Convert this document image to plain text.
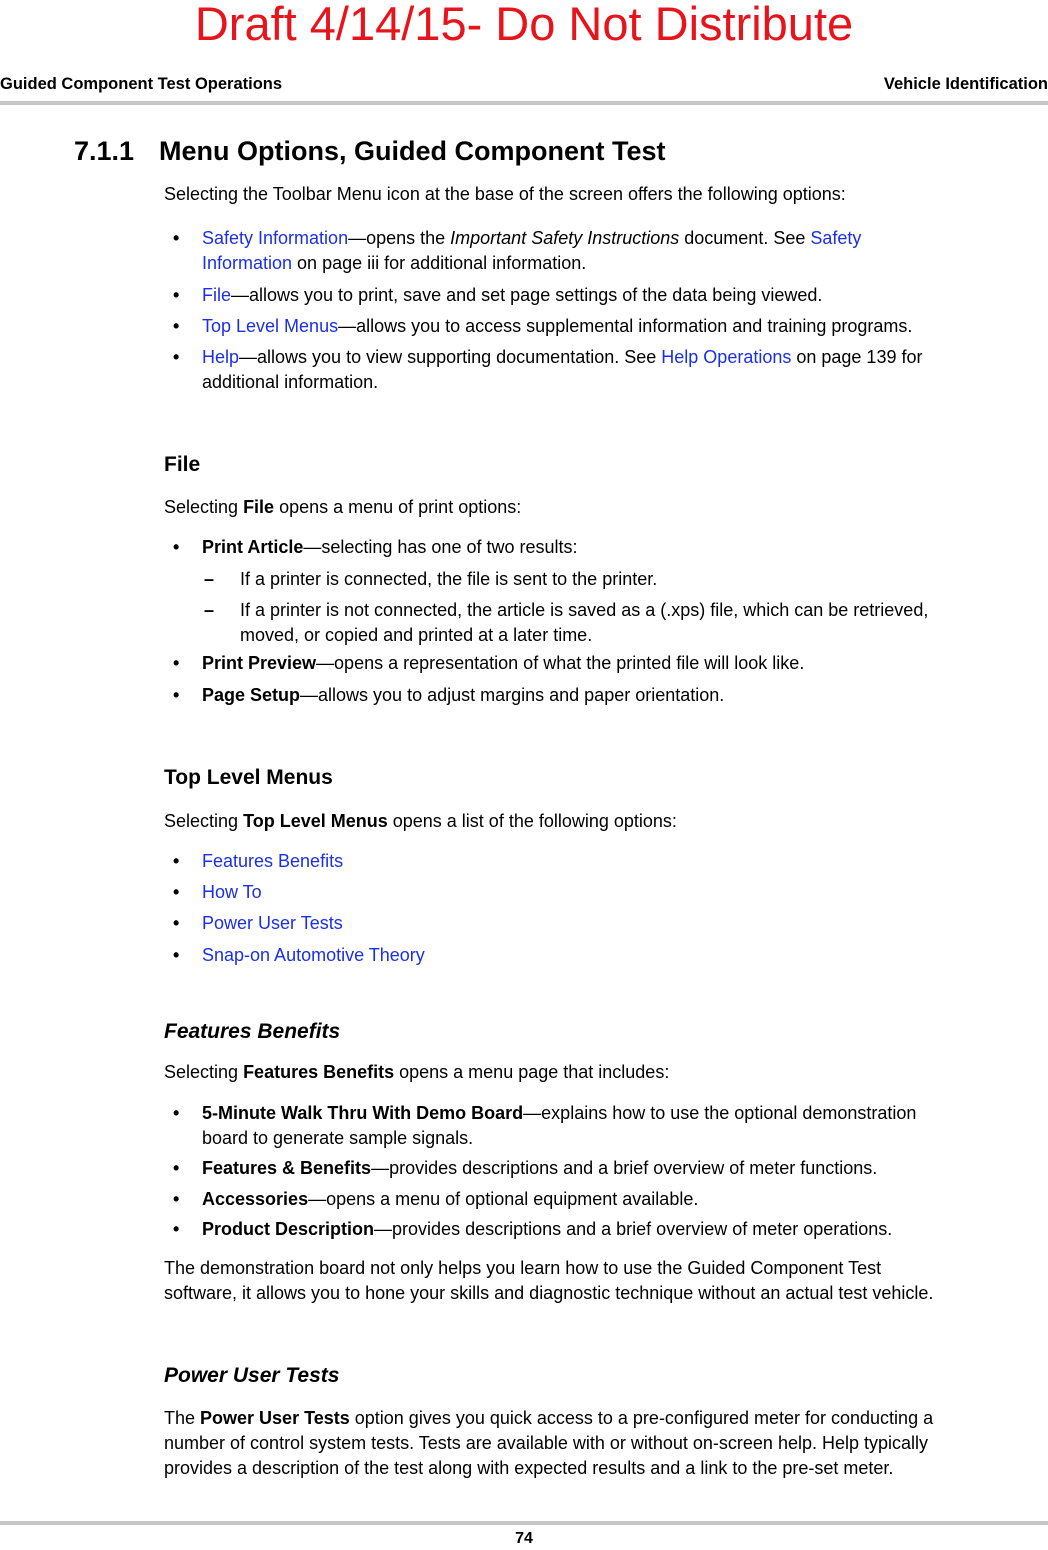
Draft 4/14/15- Do Not Distribute
Guided Component Test Operations	Vehicle Identification
7.1.1 Menu Options, Guided Component Test
Selecting the Toolbar Menu icon at the base of the screen offers the following options:
• Safety Information—opens the Important Safety Instructions document. See Safety
Information on page iii for additional information.
• File—allows you to print, save and set page settings of the data being viewed.
• Top Level Menus—allows you to access supplemental information and training programs.
• Help—allows you to view supporting documentation. See Help Operations on page 139 for
additional information.
File
Selecting File opens a menu of print options:
• Print Article—selecting has one of two results:
– If a printer is connected, the file is sent to the printer.
– If a printer is not connected, the article is saved as a (.xps) file, which can be retrieved,
moved, or copied and printed at a later time.
• Print Preview—opens a representation of what the printed file will look like.
• Page Setup—allows you to adjust margins and paper orientation.
Top Level Menus
Selecting Top Level Menus opens a list of the following options:
• Features Benefits
• How To
• Power User Tests
• Snap-on Automotive Theory
Features Benefits
Selecting Features Benefits opens a menu page that includes:
• 5-Minute Walk Thru With Demo Board—explains how to use the optional demonstration
board to generate sample signals.
• Features & Benefits—provides descriptions and a brief overview of meter functions.
• Accessories—opens a menu of optional equipment available.
• Product Description—provides descriptions and a brief overview of meter operations.
The demonstration board not only helps you learn how to use the Guided Component Test
software, it allows you to hone your skills and diagnostic technique without an actual test vehicle.
Power User Tests
The Power User Tests option gives you quick access to a pre-configured meter for conducting a
number of control system tests. Tests are available with or without on-screen help. Help typically
provides a description of the test along with expected results and a link to the pre-set meter.
74
